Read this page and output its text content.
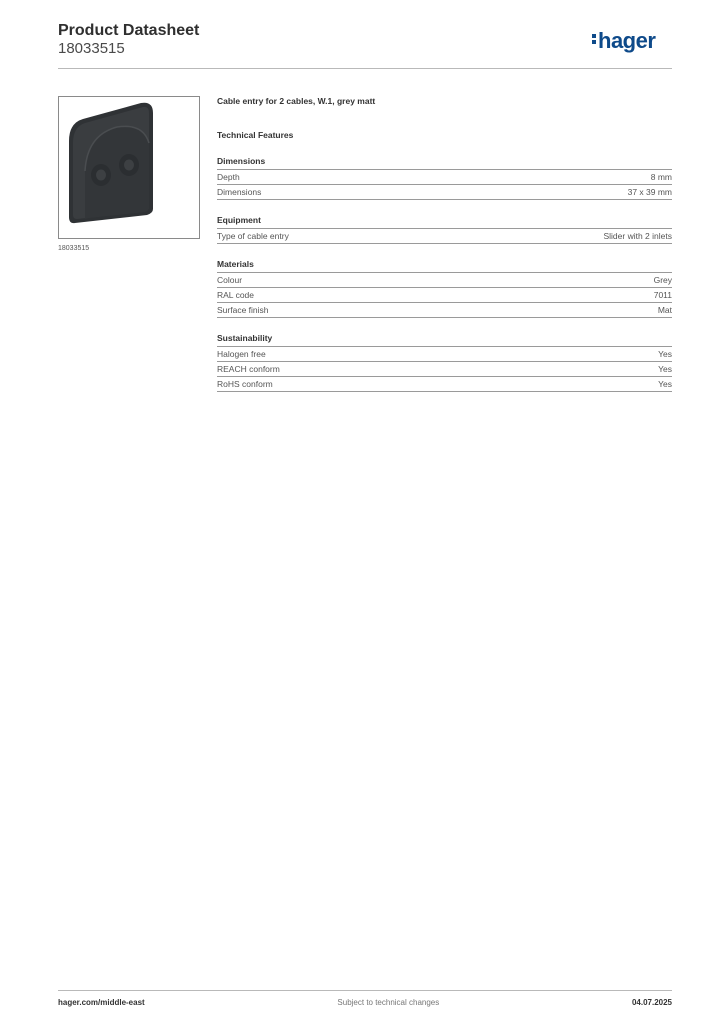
Product Datasheet
18033515	hager
18033515
Cable entry for 2 cables, W.1, grey matt
Technical Features
Dimensions
Depth	8 mm
Dimensions	37 x 39 mm
Equipment
Type of cable entry	Slider with 2 inlets
Materials
Colour	Grey
RAL code	7011
Surface finish	Mat
Sustainability
Halogen free	Yes
REACH conform	Yes
RoHS conform	Yes
hager.com/middle-east	Subject to technical changes	04.07.2025
